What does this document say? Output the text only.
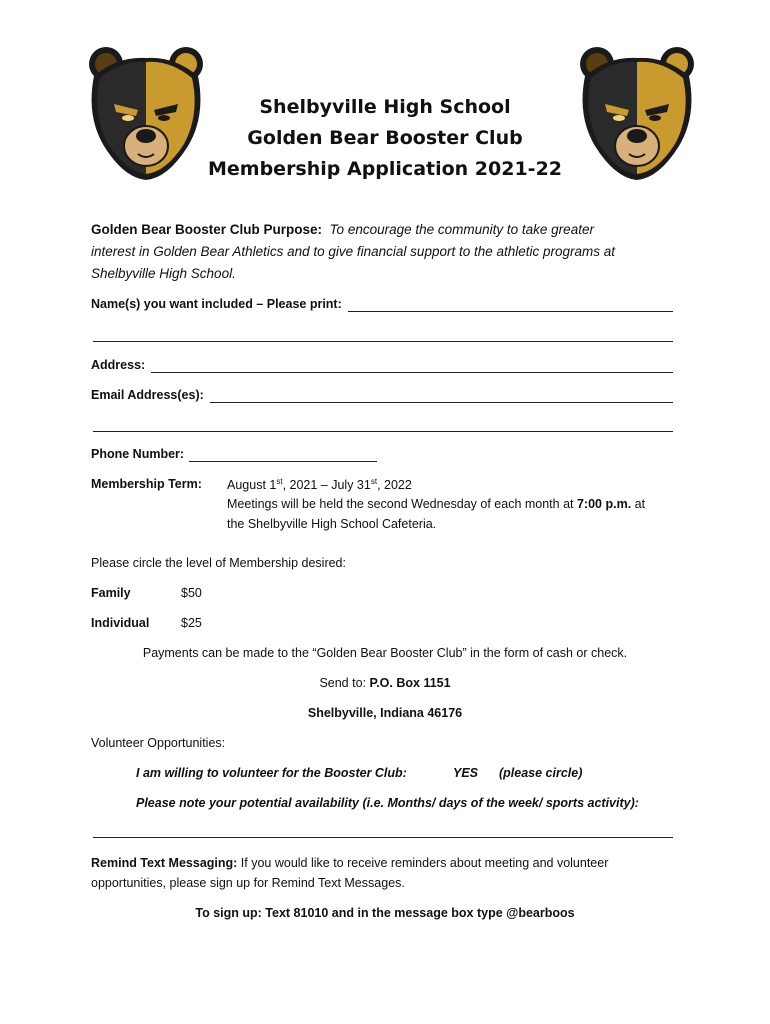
Shelbyville High School
Golden Bear Booster Club
Membership Application 2021-22
Golden Bear Booster Club Purpose: To encourage the community to take greater
interest in Golden Bear Athletics and to give financial support to the athletic programs at
Shelbyville High School.
Name(s) you want included – Please print:
Address:
Email Address(es):
Phone Number:
Membership Term: August 1st, 2021 – July 31st, 2022
Meetings will be held the second Wednesday of each month at 7:00 p.m. at
the Shelbyville High School Cafeteria.
Please circle the level of Membership desired:
Family	$50
Individual	$25
Payments can be made to the “Golden Bear Booster Club” in the form of cash or check.
Send to: P.O. Box 1151
Shelbyville, Indiana 46176
Volunteer Opportunities:
I am willing to volunteer for the Booster Club:	YES (please circle)
Please note your potential availability (i.e. Months/ days of the week/ sports activity):
Remind Text Messaging: If you would like to receive reminders about meeting and volunteer
opportunities, please sign up for Remind Text Messages.
To sign up: Text 81010 and in the message box type @bearboos
